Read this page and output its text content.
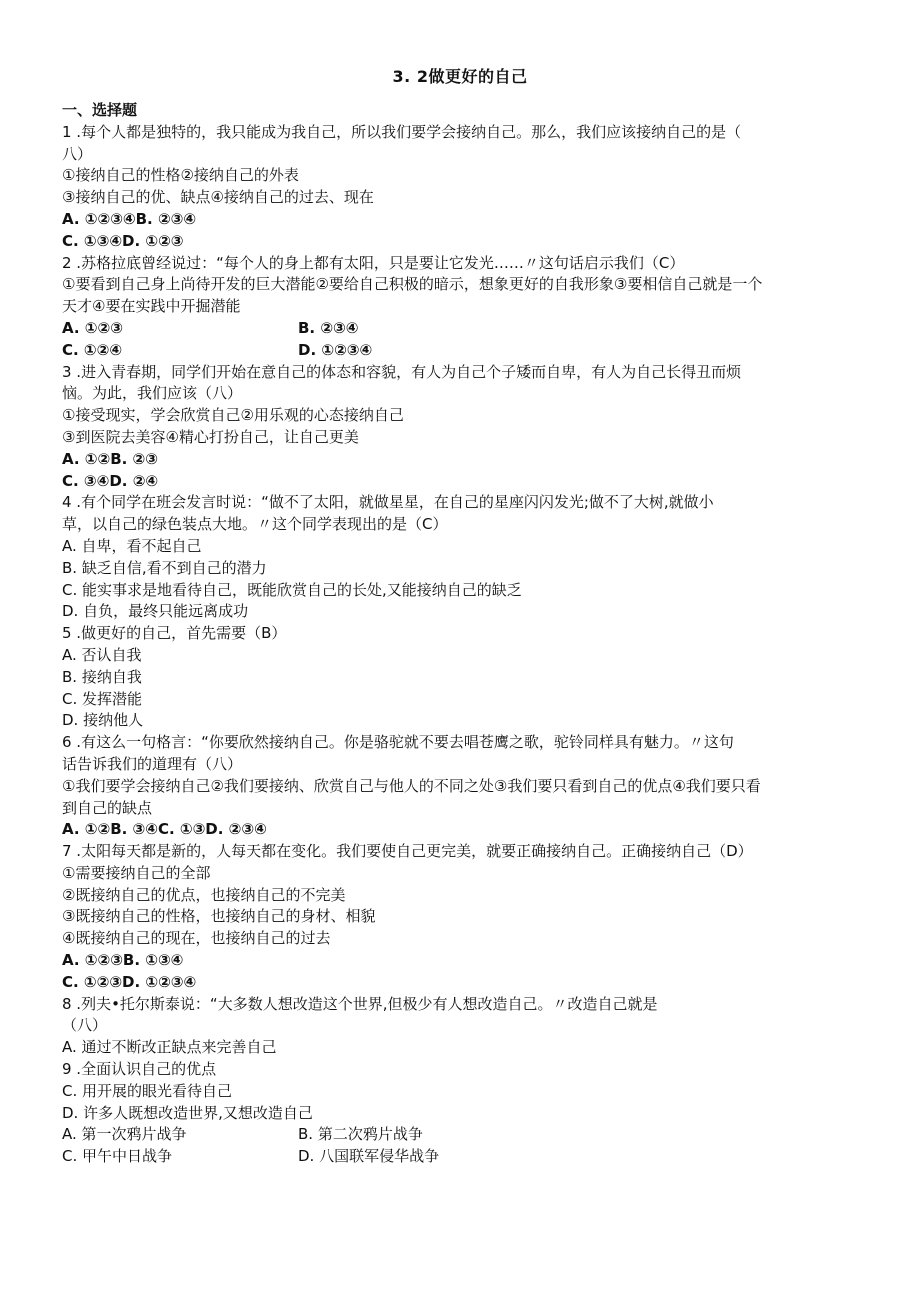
3. 2做更好的自己
一、选择题
1 .每个人都是独特的，我只能成为我自己，所以我们要学会接纳自己。那么，我们应该接纳自己的是（
八）
①接纳自己的性格②接纳自己的外表
③接纳自己的优、缺点④接纳自己的过去、现在
A. ①②③④B. ②③④
C. ①③④D. ①②③
2 .苏格拉底曾经说过：“每个人的身上都有太阳，只是要让它发光……〃这句话启示我们（C）
①要看到自己身上尚待开发的巨大潜能②要给自己积极的暗示，想象更好的自我形象③要相信自己就是一个
天才④要在实践中开掘潜能
A. ①②③	B. ②③④
C. ①②④	D. ①②③④
3 .进入青春期，同学们开始在意自己的体态和容貌，有人为自己个子矮而自卑，有人为自己长得丑而烦
恼。为此，我们应该（八）
①接受现实，学会欣赏自己②用乐观的心态接纳自己
③到医院去美容④精心打扮自己，让自己更美
A. ①②B. ②③
C. ③④D. ②④
4 .有个同学在班会发言时说：“做不了太阳，就做星星，在自己的星座闪闪发光;做不了大树,就做小
草，以自己的绿色装点大地。〃这个同学表现出的是（C）
A. 自卑，看不起自己
B. 缺乏自信,看不到自己的潜力
C. 能实事求是地看待自己，既能欣赏自己的长处,又能接纳自己的缺乏
D. 自负，最终只能远离成功
5 .做更好的自己，首先需要（B）
A. 否认自我
B. 接纳自我
C. 发挥潜能
D. 接纳他人
6 .有这么一句格言：“你要欣然接纳自己。你是骆驼就不要去唱苍鹰之歌，驼铃同样具有魅力。〃这句
话告诉我们的道理有（八）
①我们要学会接纳自己②我们要接纳、欣赏自己与他人的不同之处③我们要只看到自己的优点④我们要只看
到自己的缺点
A. ①②B. ③④C. ①③D. ②③④
7 .太阳每天都是新的，人每天都在变化。我们要使自己更完美，就要正确接纳自己。正确接纳自己（D）
①需要接纳自己的全部
②既接纳自己的优点，也接纳自己的不完美
③既接纳自己的性格，也接纳自己的身材、相貌
④既接纳自己的现在，也接纳自己的过去
A. ①②③B. ①③④
C. ①②③D. ①②③④
8 .列夫•托尔斯泰说：“大多数人想改造这个世界,但极少有人想改造自己。〃改造自己就是
（八）
A. 通过不断改正缺点来完善自己
9 .全面认识自己的优点
C. 用开展的眼光看待自己
D. 许多人既想改造世界,又想改造自己
A. 第一次鸦片战争	B. 第二次鸦片战争
C. 甲午中日战争	D. 八国联军侵华战争
